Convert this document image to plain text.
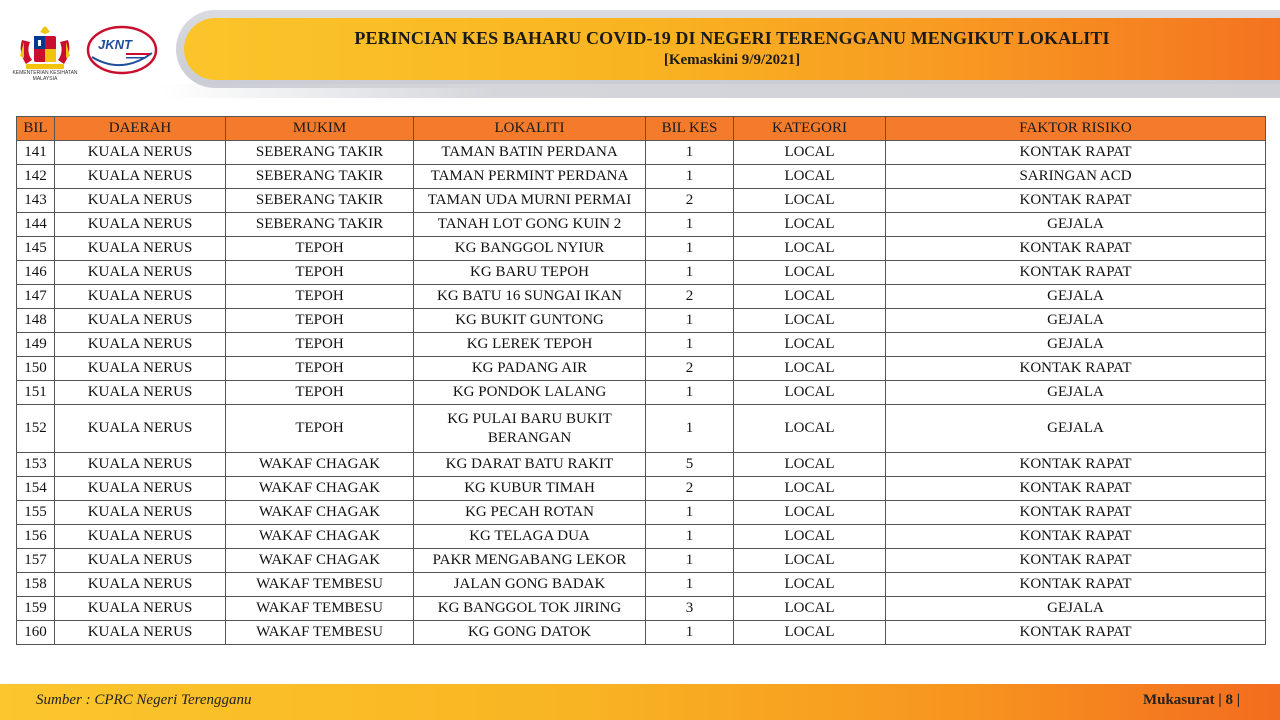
PERINCIAN KES BAHARU COVID-19 DI NEGERI TERENGGANU MENGIKUT LOKALITI
[Kemaskini 9/9/2021]
KEMENTERIAN KESIHATAN MALAYSIA
JKNT
BIL	DAERAH	MUKIM	LOKALITI	BIL KES	KATEGORI	FAKTOR RISIKO
141	KUALA NERUS	SEBERANG TAKIR	TAMAN BATIN PERDANA	1	LOCAL	KONTAK RAPAT
142	KUALA NERUS	SEBERANG TAKIR	TAMAN PERMINT PERDANA	1	LOCAL	SARINGAN ACD
143	KUALA NERUS	SEBERANG TAKIR	TAMAN UDA MURNI PERMAI	2	LOCAL	KONTAK RAPAT
144	KUALA NERUS	SEBERANG TAKIR	TANAH LOT GONG KUIN 2	1	LOCAL	GEJALA
145	KUALA NERUS	TEPOH	KG BANGGOL NYIUR	1	LOCAL	KONTAK RAPAT
146	KUALA NERUS	TEPOH	KG BARU TEPOH	1	LOCAL	KONTAK RAPAT
147	KUALA NERUS	TEPOH	KG BATU 16 SUNGAI IKAN	2	LOCAL	GEJALA
148	KUALA NERUS	TEPOH	KG BUKIT GUNTONG	1	LOCAL	GEJALA
149	KUALA NERUS	TEPOH	KG LEREK TEPOH	1	LOCAL	GEJALA
150	KUALA NERUS	TEPOH	KG PADANG AIR	2	LOCAL	KONTAK RAPAT
151	KUALA NERUS	TEPOH	KG PONDOK LALANG	1	LOCAL	GEJALA
152	KUALA NERUS	TEPOH	KG PULAI BARU BUKIT BERANGAN	1	LOCAL	GEJALA
153	KUALA NERUS	WAKAF CHAGAK	KG DARAT BATU RAKIT	5	LOCAL	KONTAK RAPAT
154	KUALA NERUS	WAKAF CHAGAK	KG KUBUR TIMAH	2	LOCAL	KONTAK RAPAT
155	KUALA NERUS	WAKAF CHAGAK	KG PECAH ROTAN	1	LOCAL	KONTAK RAPAT
156	KUALA NERUS	WAKAF CHAGAK	KG TELAGA DUA	1	LOCAL	KONTAK RAPAT
157	KUALA NERUS	WAKAF CHAGAK	PAKR MENGABANG LEKOR	1	LOCAL	KONTAK RAPAT
158	KUALA NERUS	WAKAF TEMBESU	JALAN GONG BADAK	1	LOCAL	KONTAK RAPAT
159	KUALA NERUS	WAKAF TEMBESU	KG BANGGOL TOK JIRING	3	LOCAL	GEJALA
160	KUALA NERUS	WAKAF TEMBESU	KG GONG DATOK	1	LOCAL	KONTAK RAPAT
Sumber : CPRC Negeri Terengganu	Mukasurat | 8 |
